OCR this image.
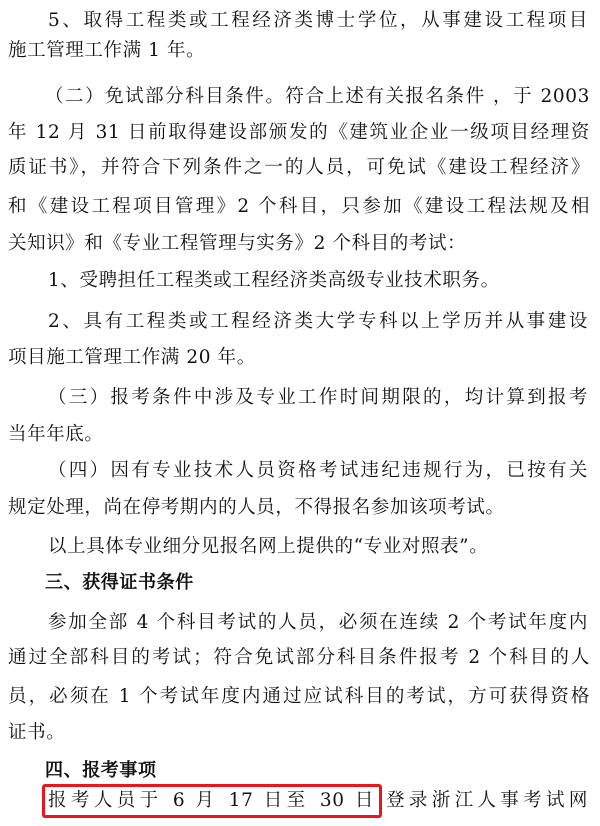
5、取得工程类或工程经济类博士学位，从事建设工程项目
施工管理工作满 1 年。
（二）免试部分科目条件。符合上述有关报名条件 ，于 2003
年 12 月 31 日前取得建设部颁发的《建筑业企业一级项目经理资
质证书》，并符合下列条件之一的人员，可免试《建设工程经济》
和《建设工程项目管理》2 个科目，只参加《建设工程法规及相
关知识》和《专业工程管理与实务》2 个科目的考试：
1、受聘担任工程类或工程经济类高级专业技术职务。
2、具有工程类或工程经济类大学专科以上学历并从事建设
项目施工管理工作满 20 年。
（三）报考条件中涉及专业工作时间期限的，均计算到报考
当年年底。
（四）因有专业技术人员资格考试违纪违规行为，已按有关
规定处理，尚在停考期内的人员，不得报名参加该项考试。
以上具体专业细分见报名网上提供的“专业对照表”。
三、获得证书条件
参加全部 4 个科目考试的人员，必须在连续 2 个考试年度内
通过全部科目的考试；符合免试部分科目条件报考 2 个科目的人
员，必须在 1 个考试年度内通过应试科目的考试，方可获得资格
证书。
四、报考事项
报考人员于 6 月 17 日至 30 日 登录浙江人事考试网
